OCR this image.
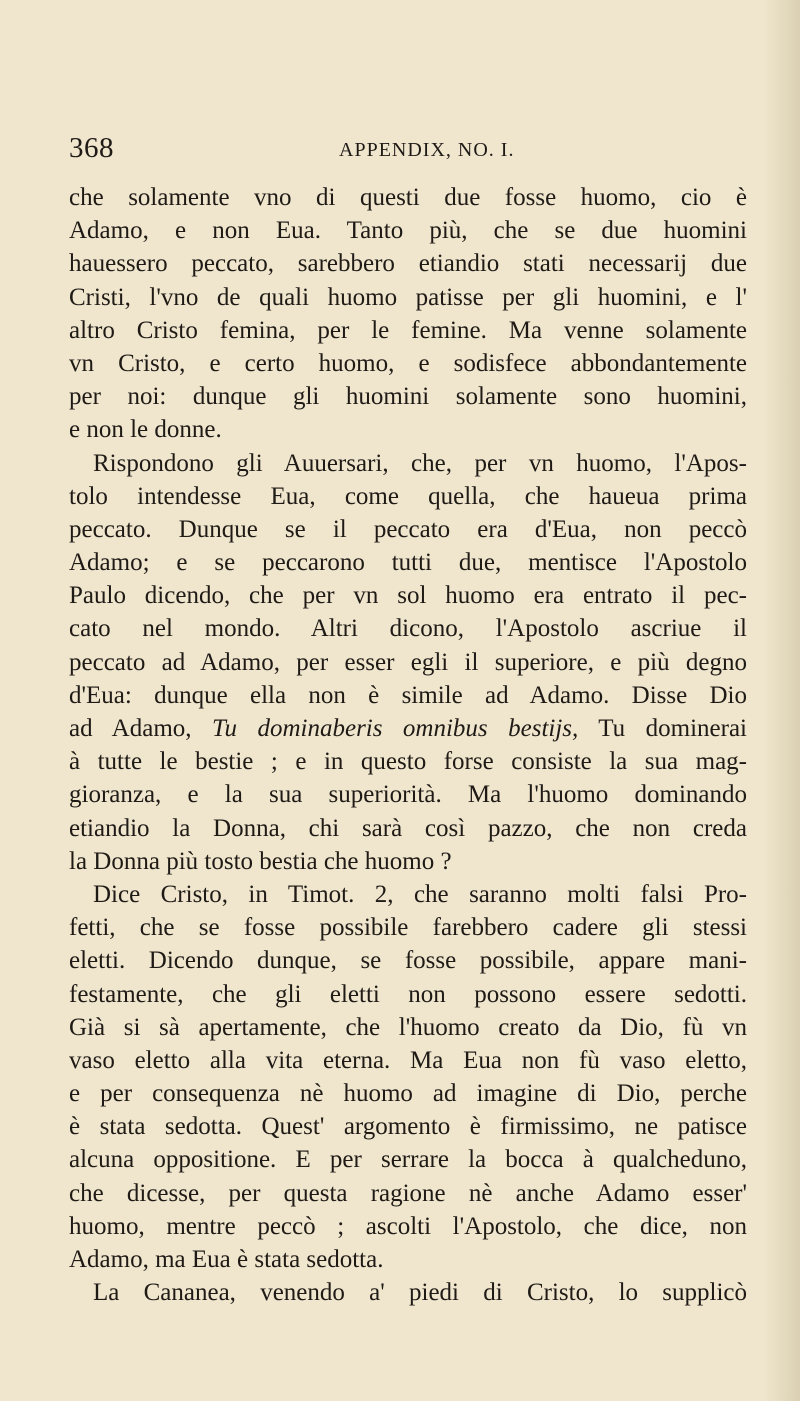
368	APPENDIX, NO. I.
che solamente vno di questi due fosse huomo, cio è
Adamo, e non Eua. Tanto più, che se due huomini
hauessero peccato, sarebbero etiandio stati necessarij due
Cristi, l'vno de quali huomo patisse per gli huomini, e l'
altro Cristo femina, per le femine. Ma venne solamente
vn Cristo, e certo huomo, e sodisfece abbondantemente
per noi: dunque gli huomini solamente sono huomini,
e non le donne.
Rispondono gli Auuersari, che, per vn huomo, l'Apos-
tolo intendesse Eua, come quella, che haueua prima
peccato. Dunque se il peccato era d'Eua, non peccò
Adamo; e se peccarono tutti due, mentisce l'Apostolo
Paulo dicendo, che per vn sol huomo era entrato il pec-
cato nel mondo. Altri dicono, l'Apostolo ascriue il
peccato ad Adamo, per esser egli il superiore, e più degno
d'Eua: dunque ella non è simile ad Adamo. Disse Dio
ad Adamo, Tu dominaberis omnibus bestijs, Tu dominerai
à tutte le bestie ; e in questo forse consiste la sua mag-
gioranza, e la sua superiorità. Ma l'huomo dominando
etiandio la Donna, chi sarà così pazzo, che non creda
la Donna più tosto bestia che huomo ?
Dice Cristo, in Timot. 2, che saranno molti falsi Pro-
fetti, che se fosse possibile farebbero cadere gli stessi
eletti. Dicendo dunque, se fosse possibile, appare mani-
festamente, che gli eletti non possono essere sedotti.
Già si sà apertamente, che l'huomo creato da Dio, fù vn
vaso eletto alla vita eterna. Ma Eua non fù vaso eletto,
e per consequenza nè huomo ad imagine di Dio, perche
è stata sedotta. Quest' argomento è firmissimo, ne patisce
alcuna oppositione. E per serrare la bocca à qualcheduno,
che dicesse, per questa ragione nè anche Adamo esser'
huomo, mentre peccò ; ascolti l'Apostolo, che dice, non
Adamo, ma Eua è stata sedotta.
La Cananea, venendo a' piedi di Cristo, lo supplicò
